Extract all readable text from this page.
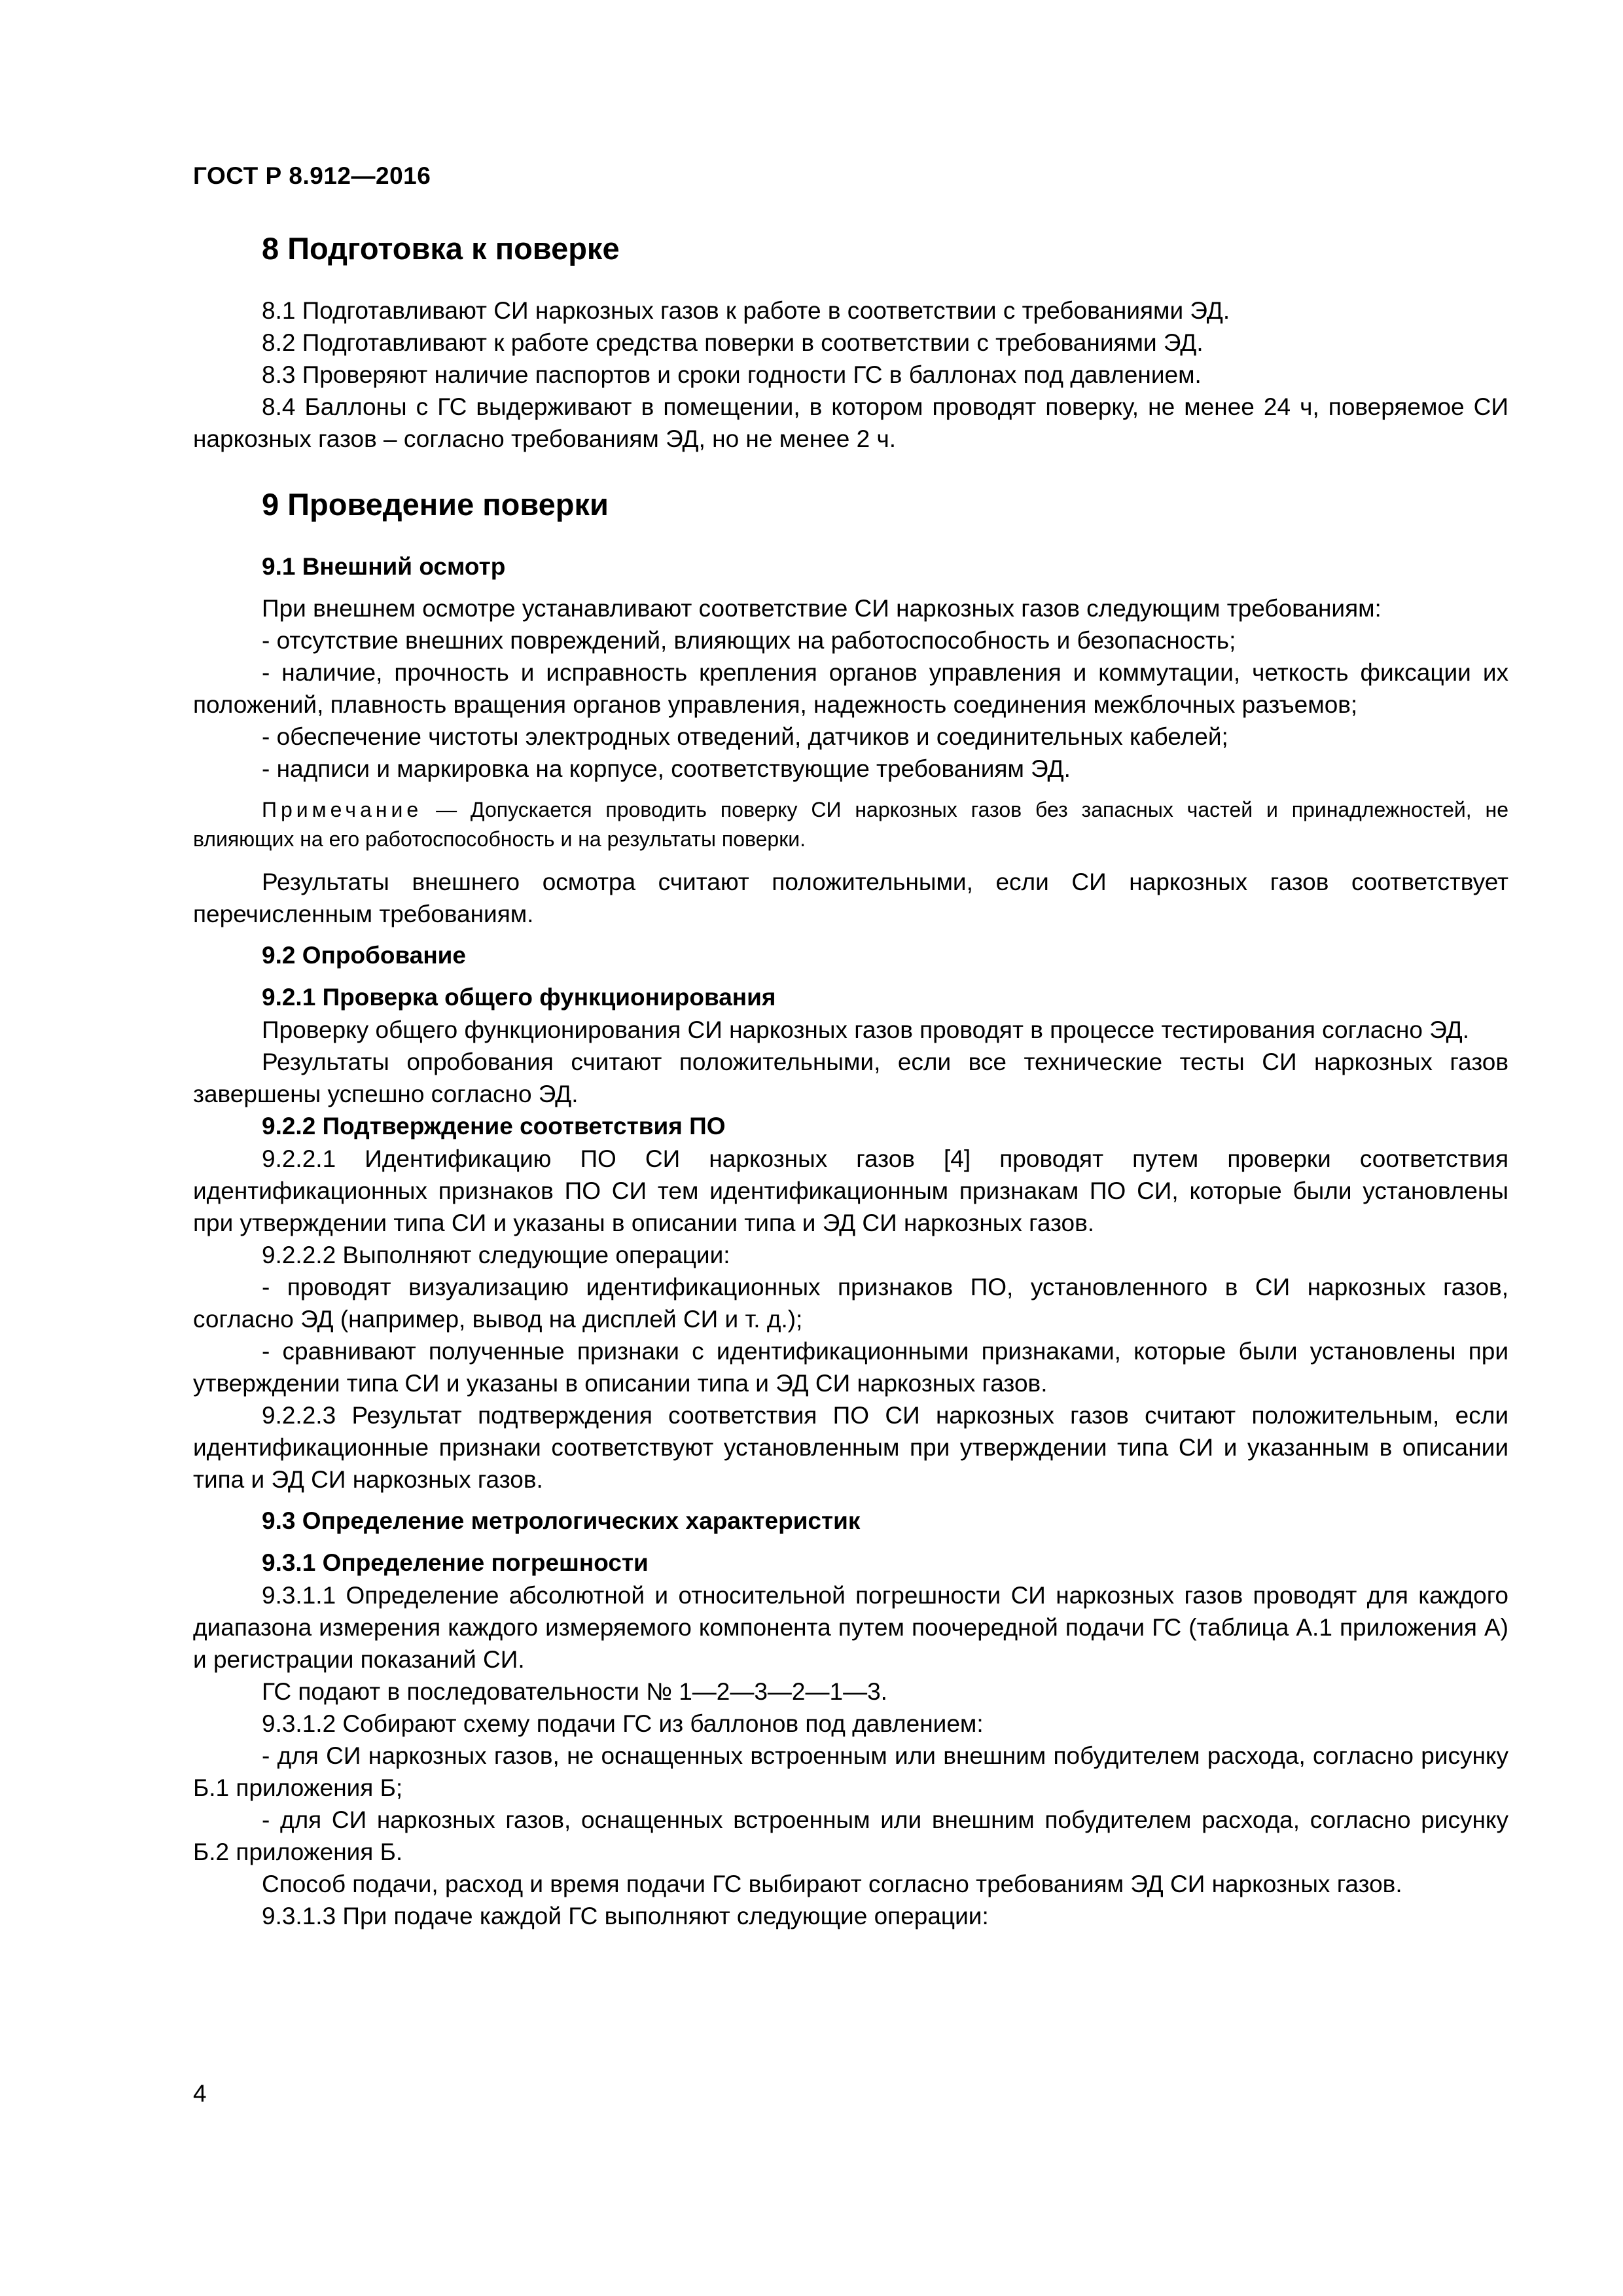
ГОСТ Р 8.912—2016
8 Подготовка к поверке

8.1 Подготавливают СИ наркозных газов к работе в соответствии с требованиями ЭД.

8.2 Подготавливают к работе средства поверки в соответствии с требованиями ЭД.

8.3 Проверяют наличие паспортов и сроки годности ГС в баллонах под давлением.

8.4 Баллоны с ГС выдерживают в помещении, в котором проводят поверку, не менее 24 ч, поверяемое СИ наркозных газов – согласно требованиям ЭД, но не менее 2 ч.

9 Проведение поверки
9.1 Внешний осмотр

При внешнем осмотре устанавливают соответствие СИ наркозных газов следующим требованиям:

- отсутствие внешних повреждений, влияющих на работоспособность и безопасность;

- наличие, прочность и исправность крепления органов управления и коммутации, четкость фиксации их положений, плавность вращения органов управления, надежность соединения межблочных разъемов;

- обеспечение чистоты электродных отведений, датчиков и соединительных кабелей;

- надписи и маркировка на корпусе, соответствующие требованиям ЭД.

Примечание — Допускается проводить поверку СИ наркозных газов без запасных частей и принадлежностей, не влияющих на его работоспособность и на результаты поверки.

Результаты внешнего осмотра считают положительными, если СИ наркозных газов соответствует перечисленным требованиям.

9.2 Опробование
9.2.1 Проверка общего функционирования

Проверку общего функционирования СИ наркозных газов проводят в процессе тестирования согласно ЭД.

Результаты опробования считают положительными, если все технические тесты СИ наркозных газов завершены успешно согласно ЭД.

9.2.2 Подтверждение соответствия ПО

9.2.2.1 Идентификацию ПО СИ наркозных газов [4] проводят путем проверки соответствия идентификационных признаков ПО СИ тем идентификационным признакам ПО СИ, которые были установлены при утверждении типа СИ и указаны в описании типа и ЭД СИ наркозных газов.

9.2.2.2 Выполняют следующие операции:

- проводят визуализацию идентификационных признаков ПО, установленного в СИ наркозных газов, согласно ЭД (например, вывод на дисплей СИ и т. д.);

- сравнивают полученные признаки с идентификационными признаками, которые были установлены при утверждении типа СИ и указаны в описании типа и ЭД СИ наркозных газов.

9.2.2.3 Результат подтверждения соответствия ПО СИ наркозных газов считают положительным, если идентификационные признаки соответствуют установленным при утверждении типа СИ и указанным в описании типа и ЭД СИ наркозных газов.

9.3 Определение метрологических характеристик
9.3.1 Определение погрешности

9.3.1.1 Определение абсолютной и относительной погрешности СИ наркозных газов проводят для каждого диапазона измерения каждого измеряемого компонента путем поочередной подачи ГС (таблица А.1 приложения А) и регистрации показаний СИ.

ГС подают в последовательности № 1—2—3—2—1—3.

9.3.1.2 Собирают схему подачи ГС из баллонов под давлением:

- для СИ наркозных газов, не оснащенных встроенным или внешним побудителем расхода, согласно рисунку Б.1 приложения Б;

- для СИ наркозных газов, оснащенных встроенным или внешним побудителем расхода, согласно рисунку Б.2 приложения Б.

Способ подачи, расход и время подачи ГС выбирают согласно требованиям ЭД СИ наркозных газов.

9.3.1.3 При подаче каждой ГС выполняют следующие операции:

4
